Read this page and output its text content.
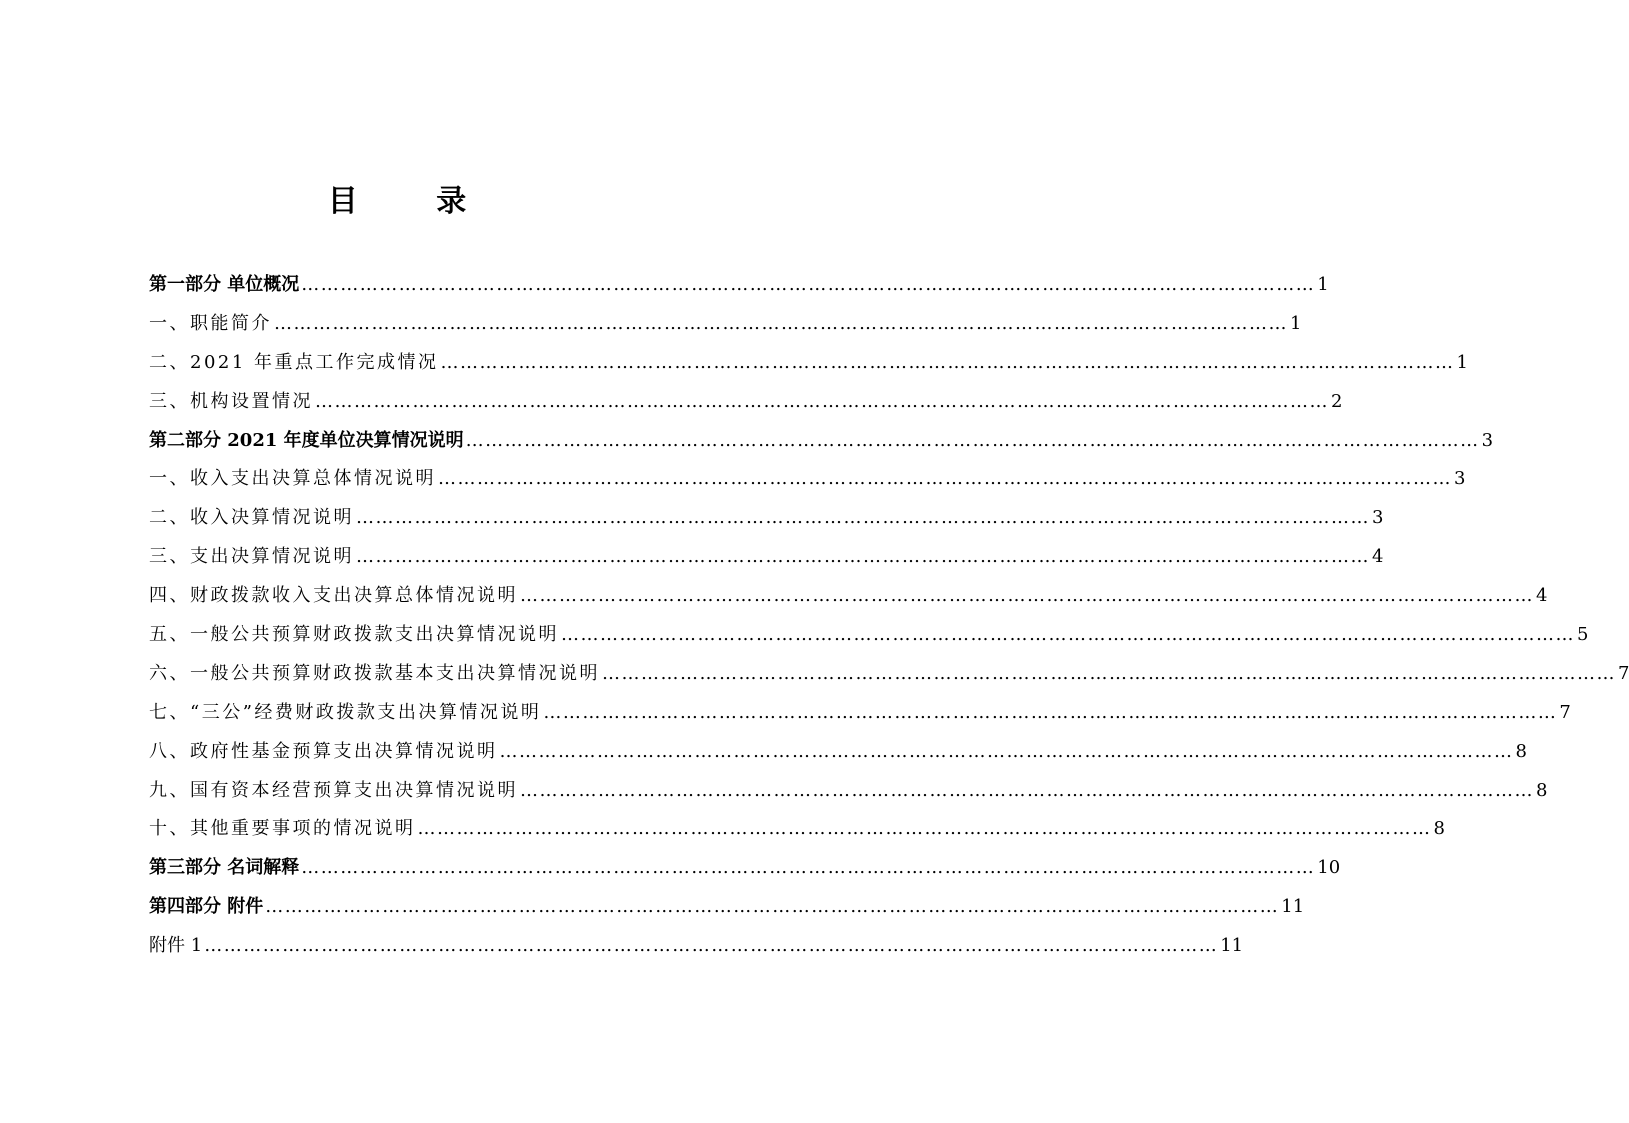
目 录
第一部分 单位概况 ………………………………………………………………………………………………………………………………………… 1
一、职能简介 ………………………………………………………………………………………………………………………………………… 1
二、2021 年重点工作完成情况 ………………………………………………………………………………………………………………………………………… 1
三、机构设置情况 ………………………………………………………………………………………………………………………………………… 2
第二部分 2021 年度单位决算情况说明 ………………………………………………………………………………………………………………………………………… 3
一、收入支出决算总体情况说明 ………………………………………………………………………………………………………………………………………… 3
二、收入决算情况说明 ………………………………………………………………………………………………………………………………………… 3
三、支出决算情况说明 ………………………………………………………………………………………………………………………………………… 4
四、财政拨款收入支出决算总体情况说明 ………………………………………………………………………………………………………………………………………… 4
五、一般公共预算财政拨款支出决算情况说明 ………………………………………………………………………………………………………………………………………… 5
六、一般公共预算财政拨款基本支出决算情况说明 ………………………………………………………………………………………………………………………………………… 7
七、“三公”经费财政拨款支出决算情况说明 ………………………………………………………………………………………………………………………………………… 7
八、政府性基金预算支出决算情况说明 ………………………………………………………………………………………………………………………………………… 8
九、国有资本经营预算支出决算情况说明 ………………………………………………………………………………………………………………………………………… 8
十、其他重要事项的情况说明 ………………………………………………………………………………………………………………………………………… 8
第三部分 名词解释 ………………………………………………………………………………………………………………………………………… 10
第四部分 附件 ………………………………………………………………………………………………………………………………………… 11
附件 1 ………………………………………………………………………………………………………………………………………… 11
